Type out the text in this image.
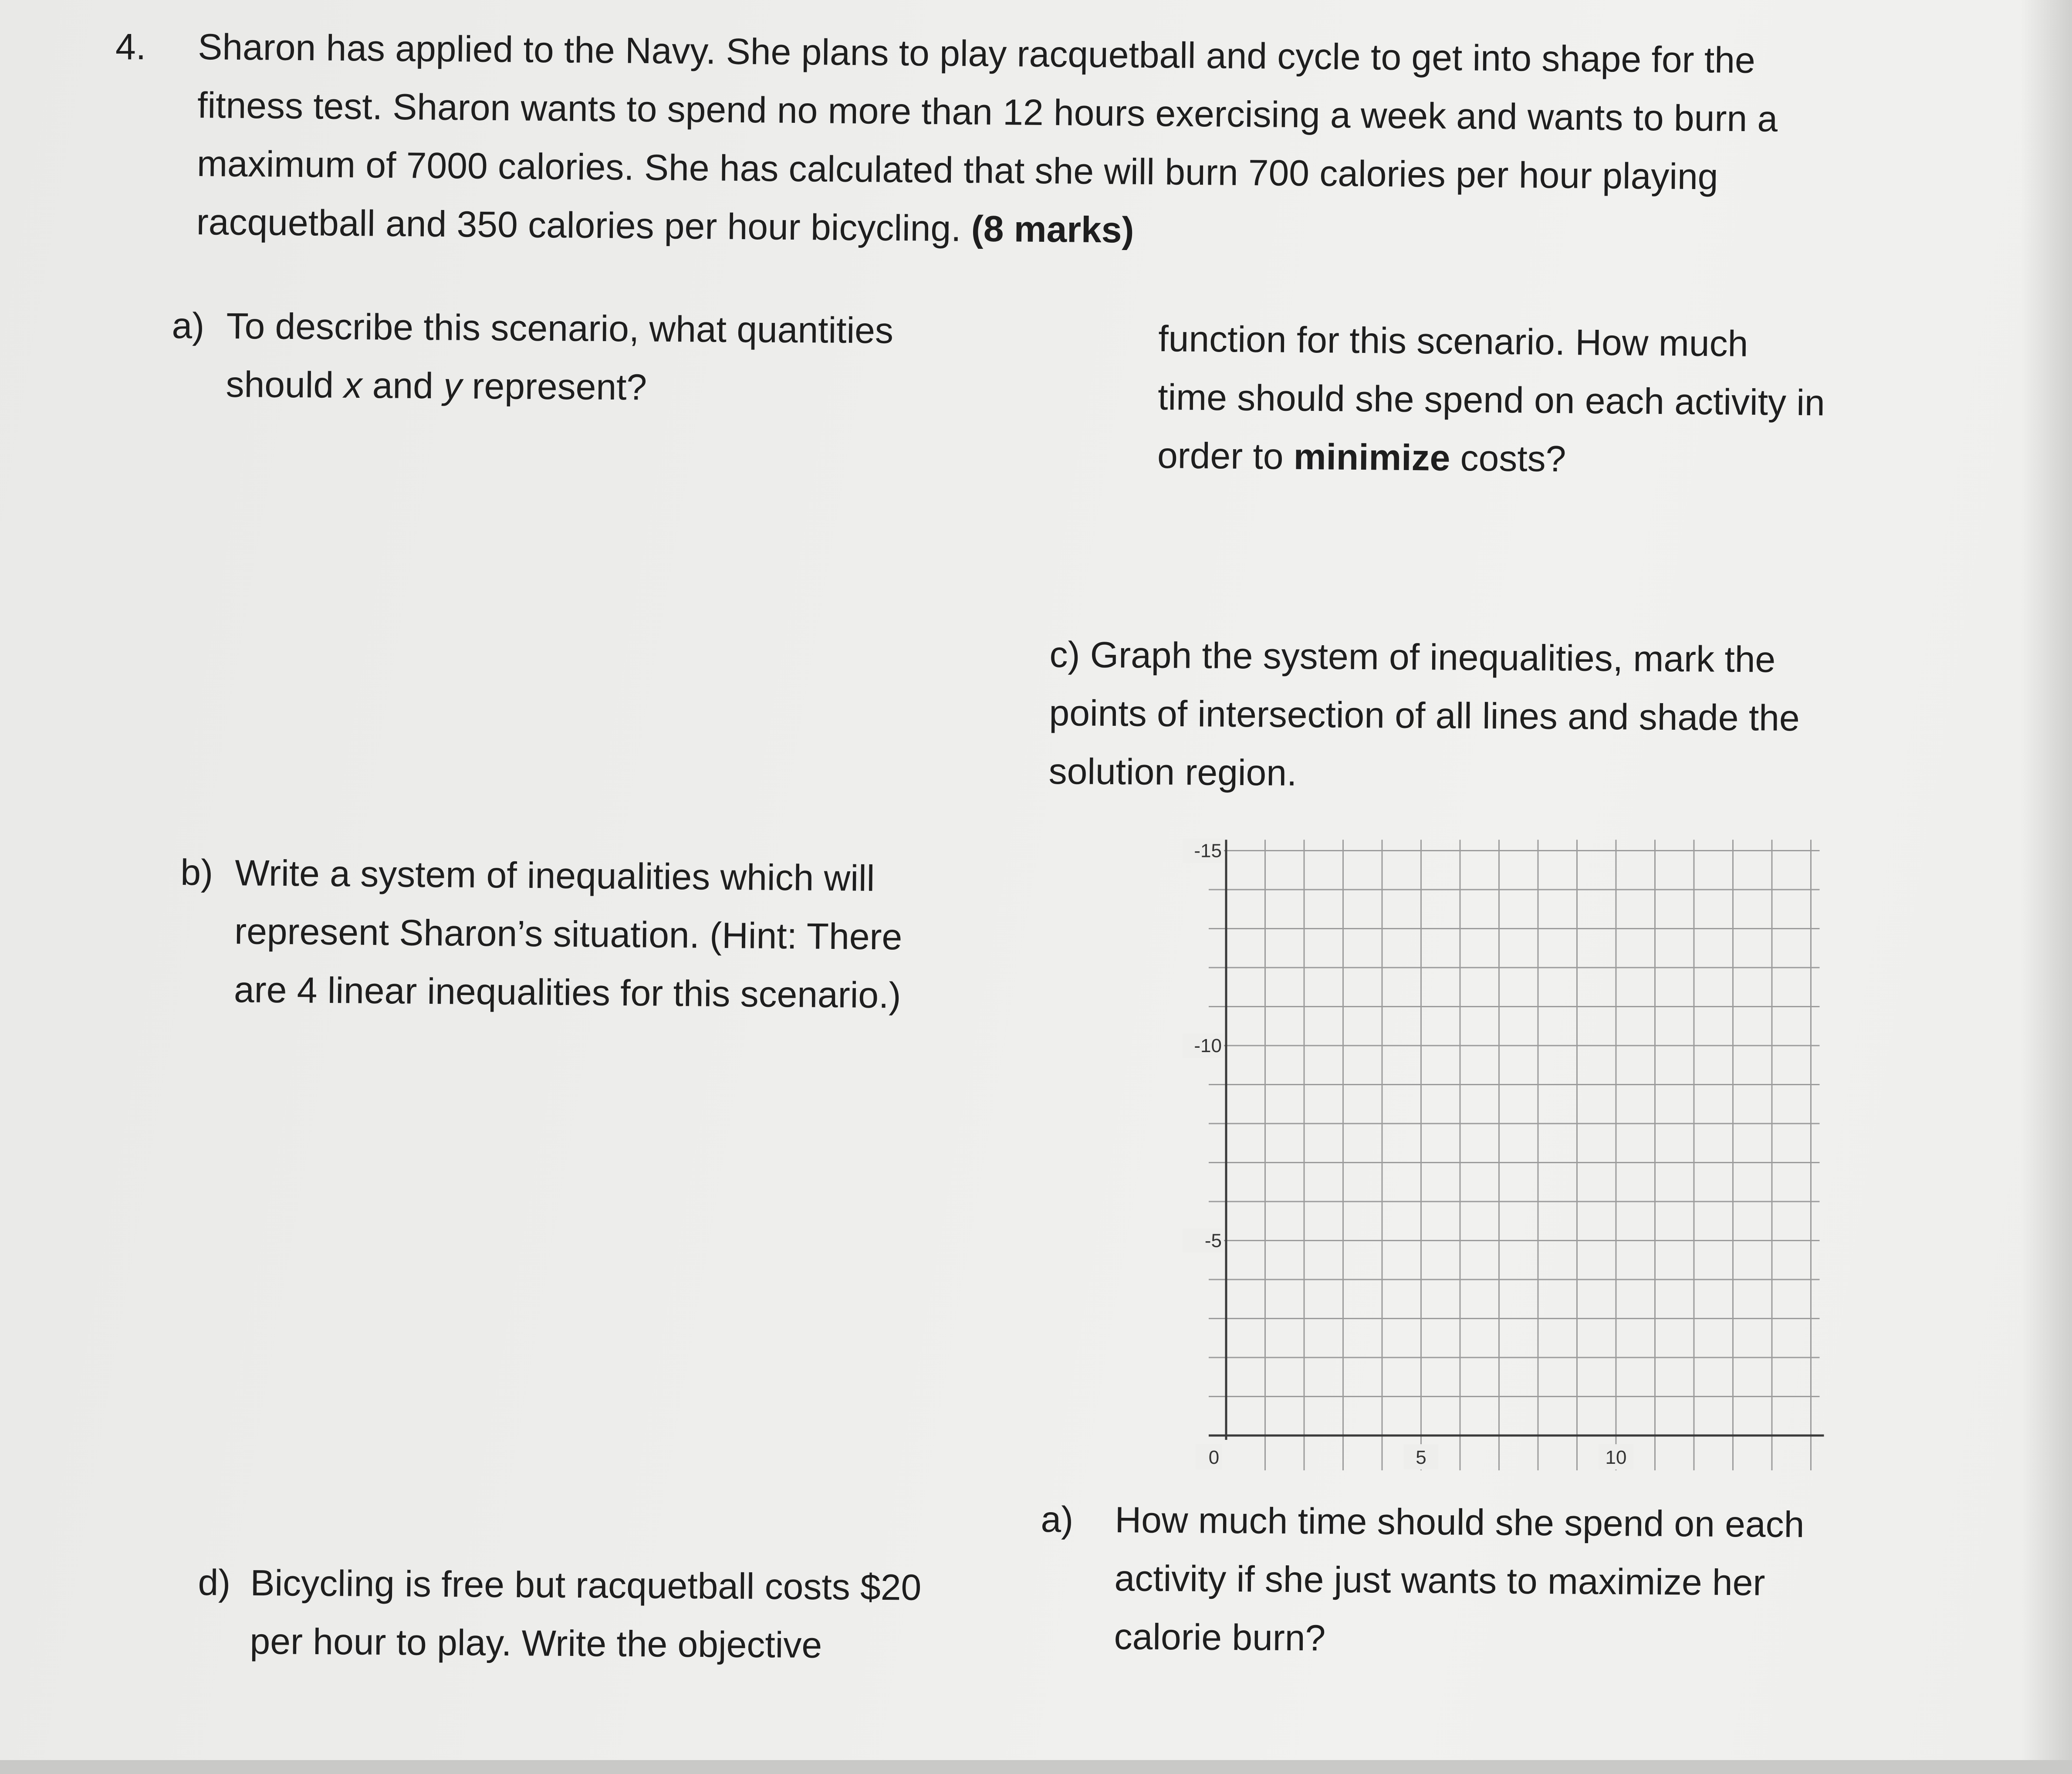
4. Sharon has applied to the Navy. She plans to play racquetball and cycle to get into shape for the
fitness test. Sharon wants to spend no more than 12 hours exercising a week and wants to burn a
maximum of 7000 calories. She has calculated that she will burn 700 calories per hour playing
racquetball and 350 calories per hour bicycling. (8 marks)
a) To describe this scenario, what quantities
should x and y represent?
function for this scenario. How much
time should she spend on each activity in
order to minimize costs?
c) Graph the system of inequalities, mark the
points of intersection of all lines and shade the
solution region.
b) Write a system of inequalities which will
represent Sharon’s situation. (Hint: There
are 4 linear inequalities for this scenario.)
-15
-10
-5
5	10
0
d) Bicycling is free but racquetball costs $20
per hour to play. Write the objective
a) How much time should she spend on each
activity if she just wants to maximize her
calorie burn?
